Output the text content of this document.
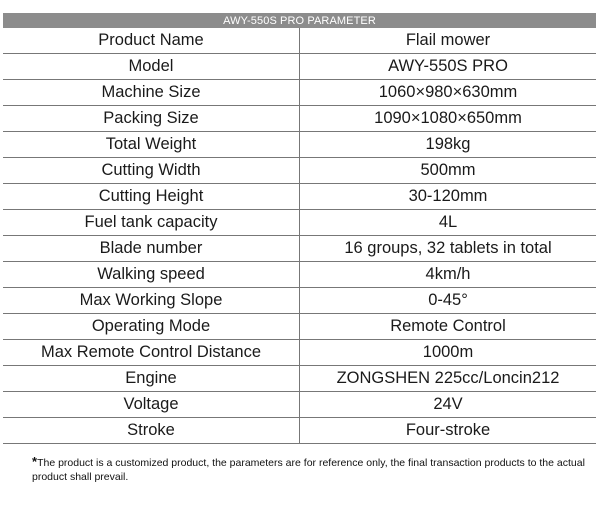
AWY-550S PRO PARAMETER	
Product Name	Flail mower
Model	AWY-550S PRO
Machine Size	1060×980×630mm
Packing Size	1090×1080×650mm
Total Weight	198kg
Cutting Width	500mm
Cutting Height	30-120mm
Fuel tank capacity	4L
Blade number	16 groups, 32 tablets in total
Walking speed	4km/h
Max Working Slope	0-45°
Operating Mode	Remote Control
Max Remote Control Distance	1000m
Engine	ZONGSHEN 225cc/Loncin212
Voltage	24V
Stroke	Four-stroke
*The product is a customized product, the parameters are for reference only, the final transaction products to the actual product shall prevail.
